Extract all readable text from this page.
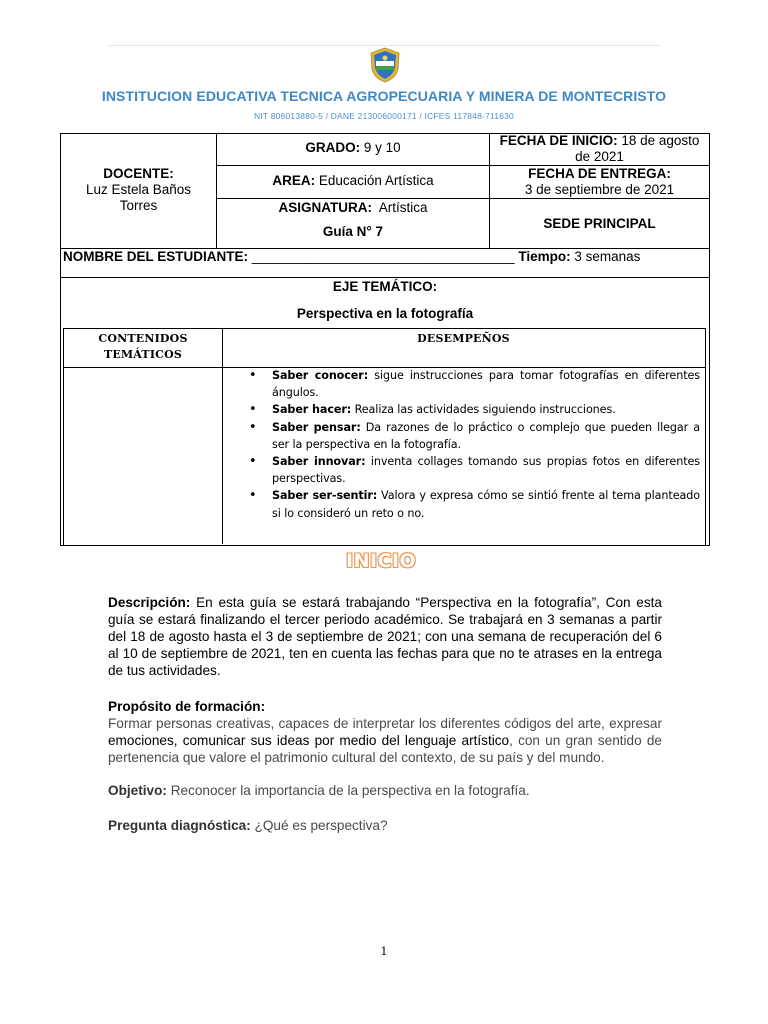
INSTITUCION EDUCATIVA TECNICA AGROPECUARIA Y MINERA DE MONTECRISTO
NIT 806013880-5 / DANE 213006000171 / ICFES 117848-711630
DOCENTE:
Luz Estela Baños
Torres
GRADO: 9 y 10	FECHA DE INICIO: 18 de agosto
de 2021
AREA: Educación Artística	FECHA DE ENTREGA:
3 de septiembre de 2021
ASIGNATURA:  Artística
Guía N° 7
SEDE PRINCIPAL
NOMBRE DEL ESTUDIANTE: ___________________________________ Tiempo: 3 semanas
EJE TEMÁTICO:
Perspectiva en la fotografía
CONTENIDOS
TEMÁTICOS
DESEMPEÑOS
• Saber conocer: sigue instrucciones para tomar fotografías en diferentes ángulos.
• Saber hacer: Realiza las actividades siguiendo instrucciones.
• Saber pensar: Da razones de lo práctico o complejo que pueden llegar a ser la perspectiva en la fotografía.
• Saber innovar: inventa collages tomando sus propias fotos en diferentes perspectivas.
• Saber ser-sentir: Valora y expresa cómo se sintió frente al tema planteado si lo consideró un reto o no.
INICIO
Descripción: En esta guía se estará trabajando “Perspectiva en la fotografía”, Con esta guía se estará finalizando el tercer periodo académico. Se trabajará en 3 semanas a partir del 18 de agosto hasta el 3 de septiembre de 2021; con una semana de recuperación del 6 al 10 de septiembre de 2021, ten en cuenta las fechas para que no te atrases en la entrega de tus actividades.
Propósito de formación:
Formar personas creativas, capaces de interpretar los diferentes códigos del arte, expresar emociones, comunicar sus ideas por medio del lenguaje artístico, con un gran sentido de pertenencia que valore el patrimonio cultural del contexto, de su país y del mundo.
Objetivo: Reconocer la importancia de la perspectiva en la fotografía.
Pregunta diagnóstica: ¿Qué es perspectiva?
1
